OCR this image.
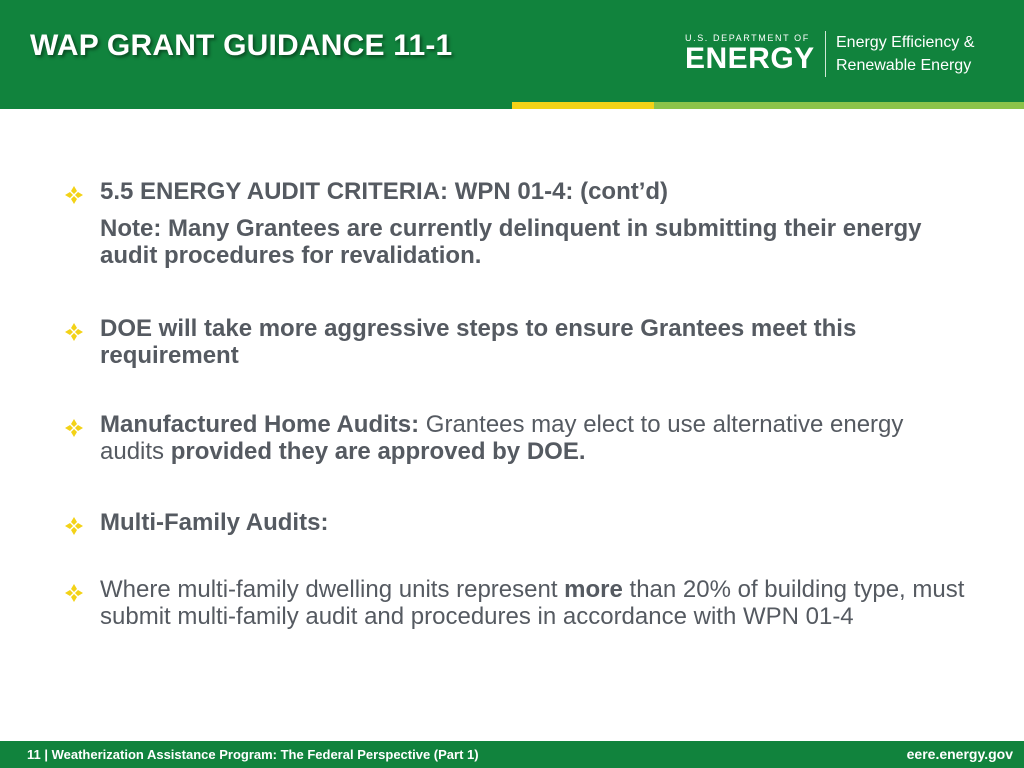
WAP GRANT GUIDANCE 11-1	U.S. DEPARTMENT OF
ENERGY Energy Efficiency &
Renewable Energy

5.5 ENERGY AUDIT CRITERIA: WPN 01-4: (cont’d)

Note: Many Grantees are currently delinquent in submitting their energy audit procedures for revalidation.

DOE will take more aggressive steps to ensure Grantees meet this requirement

Manufactured Home Audits: Grantees may elect to use alternative energy audits provided they are approved by DOE.

Multi-Family Audits:

Where multi-family dwelling units represent more than 20% of building type, must submit multi-family audit and procedures in accordance with WPN 01-4

11 | Weatherization Assistance Program: The Federal Perspective (Part 1)	eere.energy.gov
